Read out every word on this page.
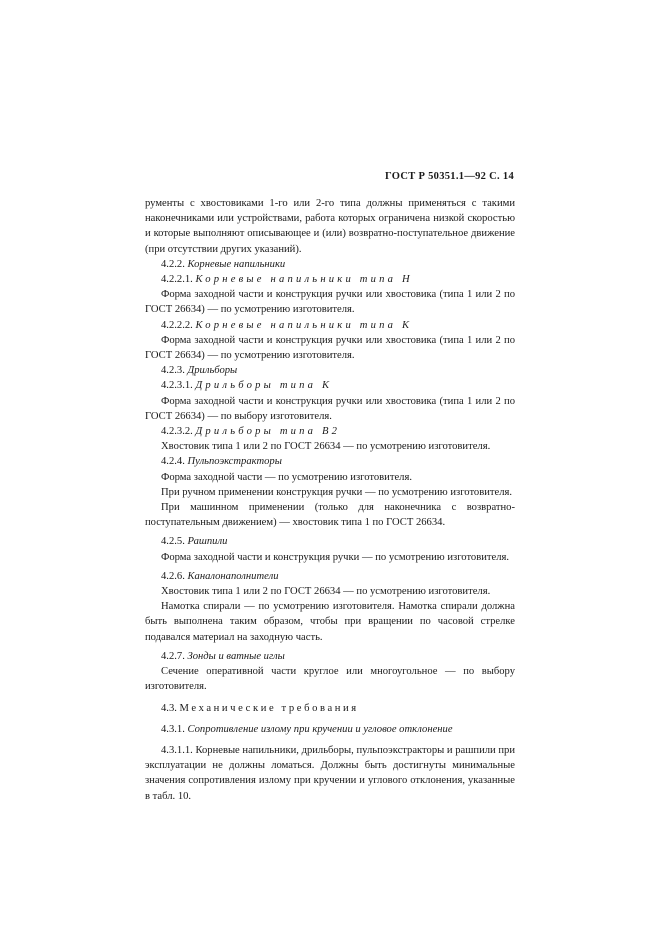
ГОСТ Р 50351.1—92 С. 14

рументы с хвостовиками 1-го или 2-го типа должны применяться с такими наконечниками или устройствами, работа которых ограничена низкой скоростью и которые выполняют описывающее и (или) возвратно-поступательное движение (при отсутствии других указаний).

4.2.2. Корневые напильники

4.2.2.1. Корневые напильники типа Н

Форма заходной части и конструкция ручки или хвостовика (типа 1 или 2 по ГОСТ 26634) — по усмотрению изготовителя.

4.2.2.2. Корневые напильники типа К

Форма заходной части и конструкция ручки или хвостовика (типа 1 или 2 по ГОСТ 26634) — по усмотрению изготовителя.

4.2.3. Дрильборы

4.2.3.1. Дрильборы типа К

Форма заходной части и конструкция ручки или хвостовика (типа 1 или 2 по ГОСТ 26634) — по выбору изготовителя.

4.2.3.2. Дрильборы типа В2

Хвостовик типа 1 или 2 по ГОСТ 26634 — по усмотрению изготовителя.

4.2.4. Пульпоэкстракторы

Форма заходной части — по усмотрению изготовителя.

При ручном применении конструкция ручки — по усмотрению изготовителя.

При машинном применении (только для наконечника с возвратно-поступательным движением) — хвостовик типа 1 по ГОСТ 26634.

4.2.5. Рашпили

Форма заходной части и конструкция ручки — по усмотрению изготовителя.

4.2.6. Каналонаполнители

Хвостовик типа 1 или 2 по ГОСТ 26634 — по усмотрению изготовителя.

Намотка спирали — по усмотрению изготовителя. Намотка спирали должна быть выполнена таким образом, чтобы при вращении по часовой стрелке подавался материал на заходную часть.

4.2.7. Зонды и ватные иглы

Сечение оперативной части круглое или многоугольное — по выбору изготовителя.

4.3. Механические требования

4.3.1. Сопротивление излому при кручении и угловое отклонение

4.3.1.1. Корневые напильники, дрильборы, пульпоэкстракторы и рашпили при эксплуатации не должны ломаться. Должны быть достигнуты минимальные значения сопротивления излому при кручении и углового отклонения, указанные в табл. 10.
